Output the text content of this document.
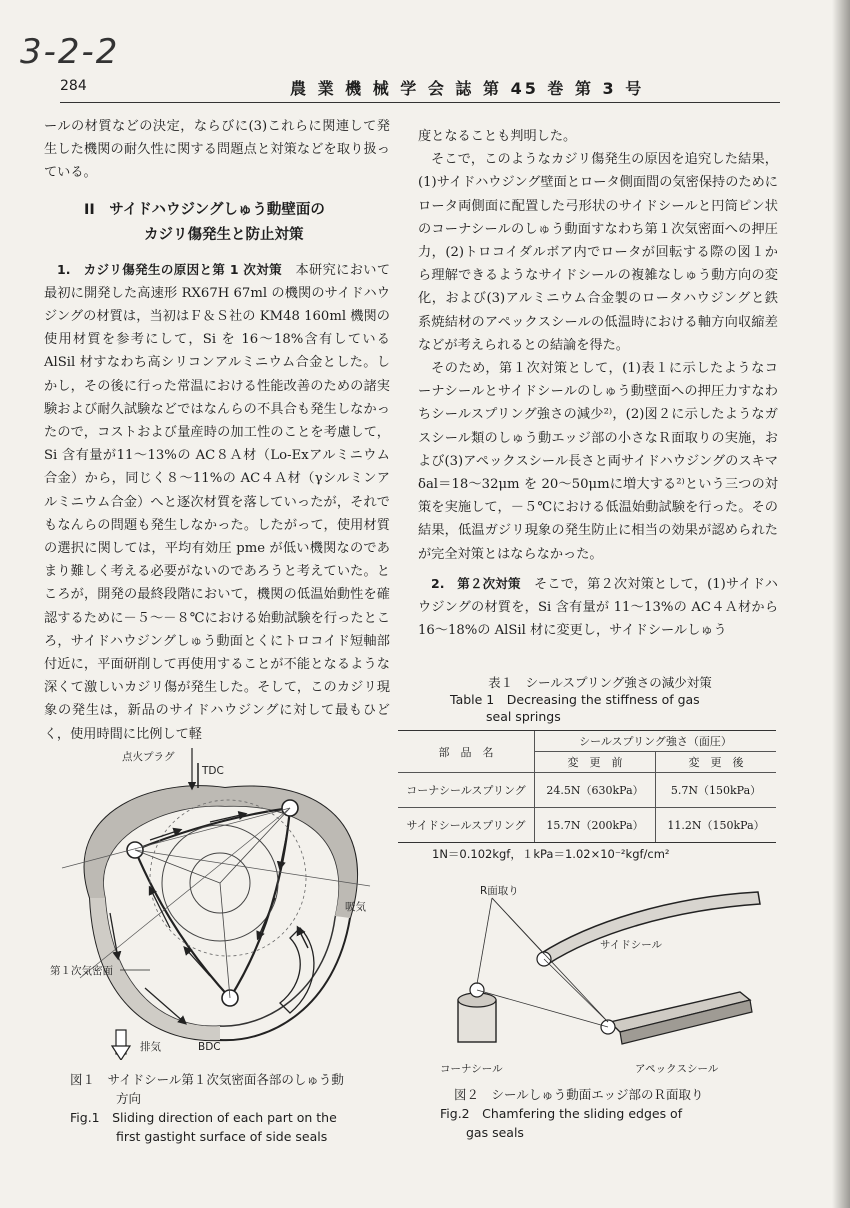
3-2-2
284	農 業 機 械 学 会 誌 第 45 巻 第 3 号

ールの材質などの決定，ならびに(3)これらに関連して発生した機関の耐久性に関する問題点と対策などを取り扱っている。

II　サイドハウジングしゅう動壁面の
カジリ傷発生と防止対策

1.　カジリ傷発生の原因と第 1 次対策　 本研究において最初に開発した高速形 RX67H 67ml の機関のサイドハウジングの材質は，当初はＦ＆Ｓ社の KM48 160ml 機関の使用材質を参考にして，Si を 16～18%含有している AlSil 材すなわち高シリコンアルミニウム合金とした。しかし，その後に行った常温における性能改善のための諸実験および耐久試験などではなんらの不具合も発生しなかったので，コストおよび量産時の加工性のことを考慮して，Si 含有量が11～13%の AC８Ａ材（Lo-Exアルミニウム合金）から，同じく８～11%の AC４Ａ材（γシルミンアルミニウム合金）へと逐次材質を落していったが，それでもなんらの問題も発生しなかった。したがって，使用材質の選択に関しては，平均有効圧 pme が低い機関なのであまり難しく考える必要がないのであろうと考えていた。ところが，開発の最終段階において，機関の低温始動性を確認するために－５～－８℃における始動試験を行ったところ，サイドハウジングしゅう動面とくにトロコイド短軸部付近に，平面研削して再使用することが不能となるような深くて激しいカジリ傷が発生した。そして，このカジリ現象の発生は，新品のサイドハウジングに対して最もひどく，使用時間に比例して軽

度となることも判明した。

そこで，このようなカジリ傷発生の原因を追究した結果，(1)サイドハウジング壁面とロータ側面間の気密保持のためにロータ両側面に配置した弓形状のサイドシールと円筒ピン状のコーナシールのしゅう動面すなわち第１次気密面への押圧力，(2)トロコイダルボア内でロータが回転する際の図１から理解できるようなサイドシールの複雑なしゅう動方向の変化，および(3)アルミニウム合金製のロータハウジングと鉄系焼結材のアペックスシールの低温時における軸方向収縮差などが考えられるとの結論を得た。

そのため，第１次対策として，(1)表１に示したようなコーナシールとサイドシールのしゅう動壁面への押圧力すなわちシールスプリング強さの減少²⁾，(2)図２に示したようなガスシール類のしゅう動エッジ部の小さなＲ面取りの実施，および(3)アペックスシール長さと両サイドハウジングのスキマ δal＝18～32μm を 20～50μmに増大する²⁾という三つの対策を実施して，－５℃における低温始動試験を行った。その結果，低温ガジリ現象の発生防止に相当の効果が認められたが完全対策とはならなかった。

2.　第２次対策　 そこで，第２次対策として，(1)サイドハウジングの材質を，Si 含有量が 11～13%の AC４Ａ材から16～18%の AlSil 材に変更し，サイドシールしゅう

表１　シールスプリング強さの減少対策
Table 1　Decreasing the stiffness of gas
seal springs
部　品　名	シールスプリング強さ（面圧）	
	変　更　前	変　更　後
コーナシールスプリング	24.5N（630kPa）	5.7N（150kPa）
サイドシールスプリング	15.7N（200kPa）	11.2N（150kPa）
1N＝0.102kgf，１kPa＝1.02×10⁻²kgf/cm²
点火プラグ
TDC
吸気
第１次気密面
排気	BDC
図１　サイドシール第１次気密面各部のしゅう動
方向
Fig.1　Sliding direction of each part on the
first gastight surface of side seals
R面取り
サイドシール
コーナシール	アペックスシール
図２　シールしゅう動面エッジ部のＲ面取り
Fig.2　Chamfering the sliding edges of
gas seals
